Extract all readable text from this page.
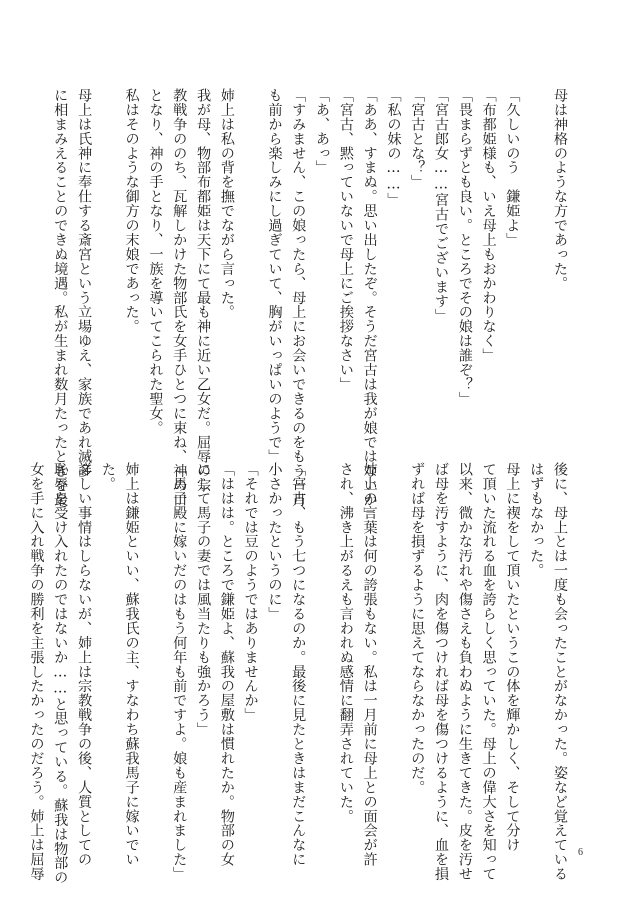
母は神格のような方であった。

「久しいのう　鎌姫よ」

「布都姫様も、いえ母上もおかわりなく」

「畏まらずとも良い。ところでその娘は誰ぞ？」

「宮古郎女……宮古でございます」

「宮古とな？」

「私の妹の……」

「ああ、すまぬ。思い出したぞ。そうだ宮古は我が娘ではないか」

「宮古、黙っていないで母上にご挨拶なさい」

「あ、あっ」

「すみません、この娘ったら、母上にお会いできるのをもう一月

も前から楽しみにし過ぎていて、胸がいっぱいのようで」

姉上は私の背を撫でながら言った。

我が母、物部布都姫は天下にて最も神に近い乙女だ。屈辱の宗

教戦争ののち、瓦解しかけた物部氏を女手ひとつに束ね、神の口

となり、神の手となり、一族を導いてこられた聖女。

私はそのような御方の末娘であった。

母上は氏神に奉仕する斎宮という立場ゆえ、家族であれ滅多

に相まみえることのできぬ境遇。私が生まれ数月たったときを最

後に、母上とは一度も会ったことがなかった。姿など覚えている

はずもなかった。

母上に禊をして頂いたというこの体を輝かしく、そして分け

て頂いた流れる血を誇らしく思っていた。母上の偉大さを知って

以来、微かな汚れや傷さえも負わぬように生きてきた。皮を汚せ

ば母を汚すように、肉を傷つければ母を傷つけるように、血を損

ずれば母を損ずるように思えてならなかったのだ。

姉上の言葉は何の誇張もない。私は一月前に母上との面会が許

され、沸き上がるえも言われぬ感情に翻弄されていた。

「宮古、もう七つになるのか。最後に見たときはまだこんなに

小さかったというのに」

「それでは豆のようではありませんか」

「ははは。ところで鎌姫よ、蘇我の屋敷は慣れたか。物部の女

にして馬子の妻では風当たりも強かろう」

「馬子殿に嫁いだのはもう何年も前ですよ。娘も産まれました」

姉上は鎌姫といい、蘇我氏の主、すなわち蘇我馬子に嫁いでい

た。

詳しい事情はしらないが、姉上は宗教戦争の後、人質としての

恥辱を受け入れたのではないか……と思っている。蘇我は物部の

女を手に入れ戦争の勝利を主張したかったのだろう。姉上は屈辱	6
